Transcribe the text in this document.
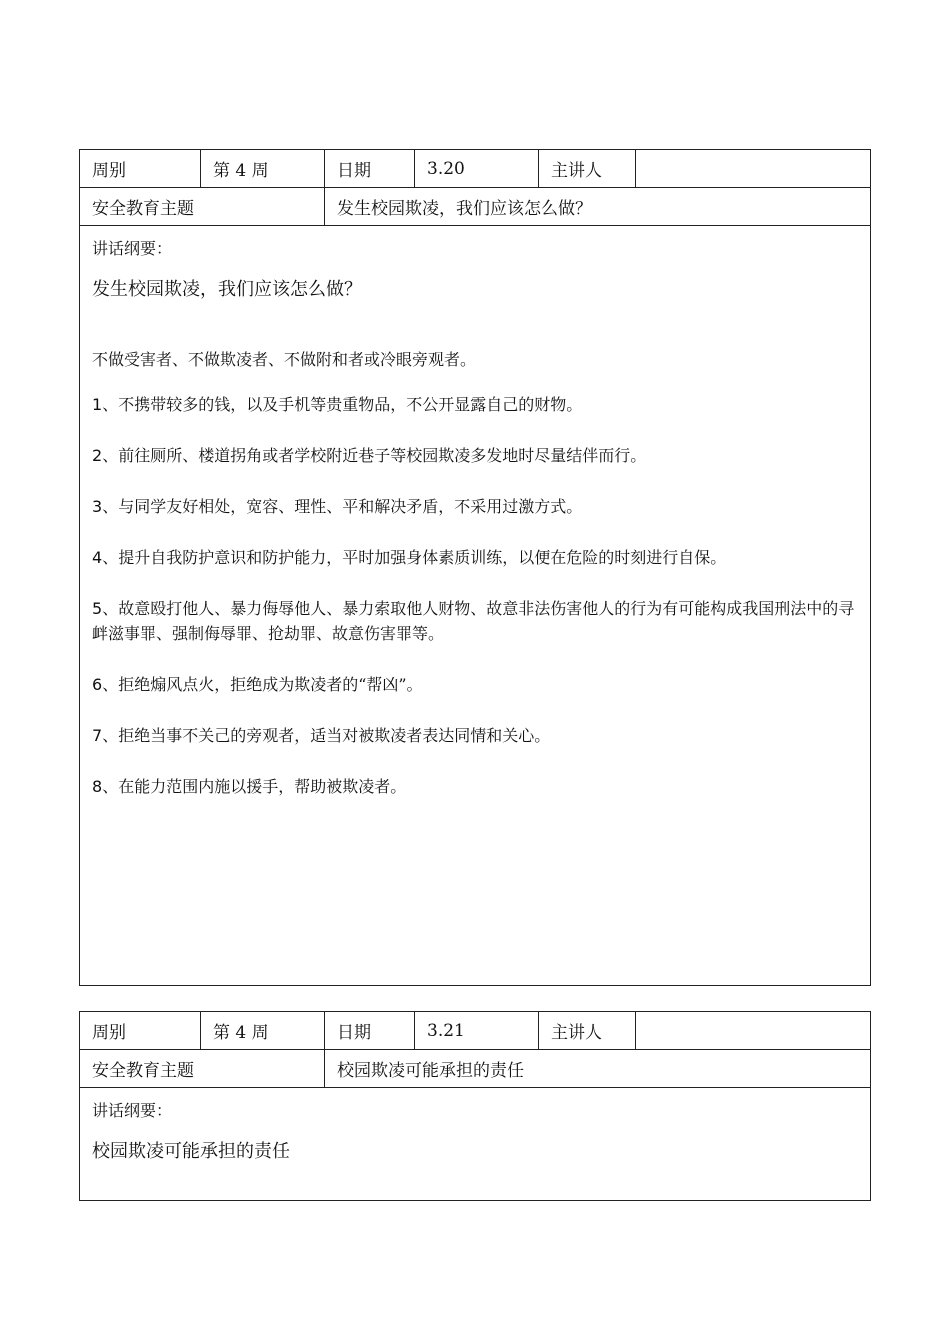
周别	第 4 周	日期	3.20	主讲人
安全教育主题	发生校园欺凌，我们应该怎么做？
讲话纲要：
发生校园欺凌，我们应该怎么做？
不做受害者、不做欺凌者、不做附和者或冷眼旁观者。
1、不携带较多的钱，以及手机等贵重物品，不公开显露自己的财物。
2、前往厕所、楼道拐角或者学校附近巷子等校园欺凌多发地时尽量结伴而行。
3、与同学友好相处，宽容、理性、平和解决矛盾，不采用过激方式。
4、提升自我防护意识和防护能力，平时加强身体素质训练，以便在危险的时刻进行自保。
5、故意殴打他人、暴力侮辱他人、暴力索取他人财物、故意非法伤害他人的行为有可能构成我国刑法中的寻衅滋事罪、强制侮辱罪、抢劫罪、故意伤害罪等。
6、拒绝煽风点火，拒绝成为欺凌者的“帮凶”。
7、拒绝当事不关己的旁观者，适当对被欺凌者表达同情和关心。
8、在能力范围内施以援手，帮助被欺凌者。
周别	第 4 周	日期	3.21	主讲人
安全教育主题	校园欺凌可能承担的责任
讲话纲要：
校园欺凌可能承担的责任
